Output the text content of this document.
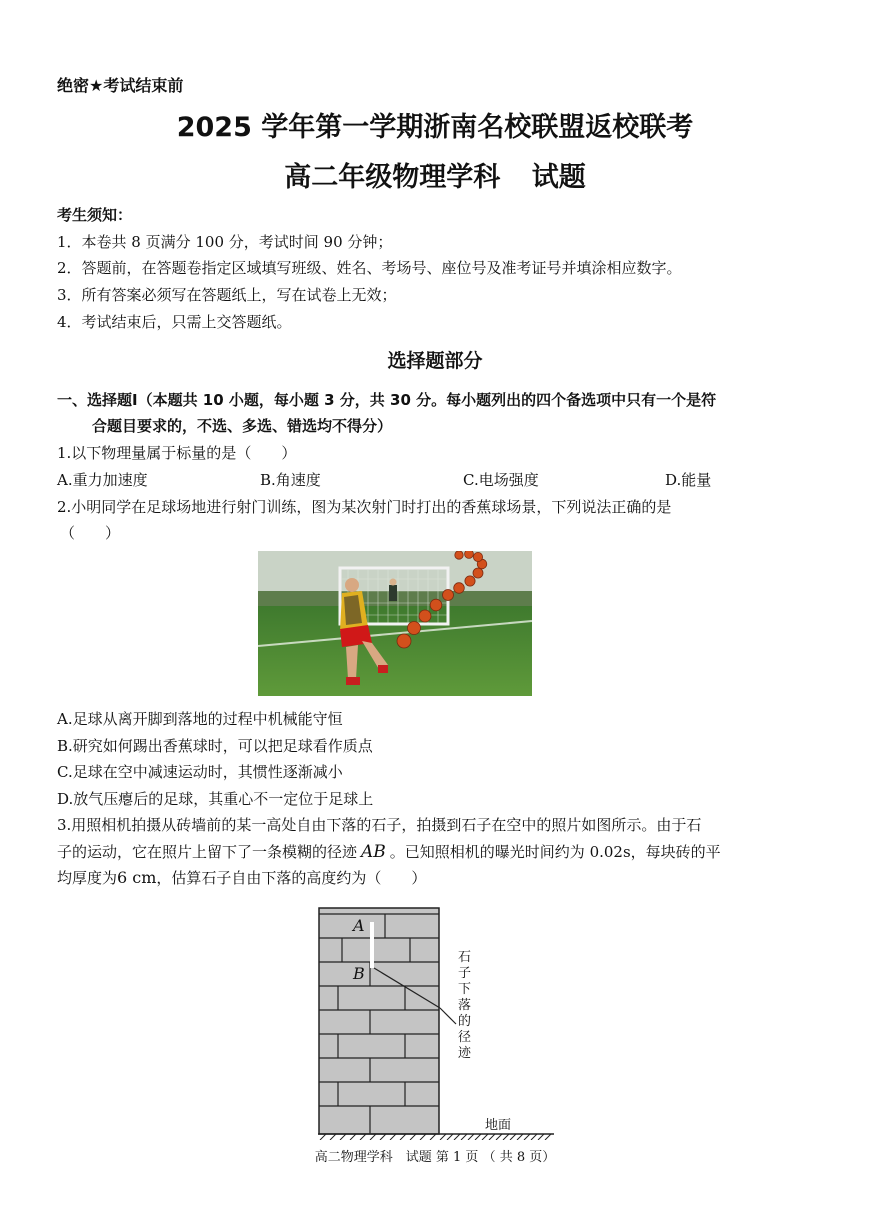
绝密★考试结束前
2025 学年第一学期浙南名校联盟返校联考
高二年级物理学科 试题
考生须知：
1．本卷共 8 页满分 100 分，考试时间 90 分钟；
2．答题前，在答题卷指定区域填写班级、姓名、考场号、座位号及准考证号并填涂相应数字。
3．所有答案必须写在答题纸上，写在试卷上无效；
4．考试结束后，只需上交答题纸。
选择题部分
一、选择题Ⅰ（本题共 10 小题，每小题 3 分，共 30 分。每小题列出的四个备选项中只有一个是符
合题目要求的，不选、多选、错选均不得分）
1.以下物理量属于标量的是（　　）
A.重力加速度	B.角速度	C.电场强度	D.能量
2.小明同学在足球场地进行射门训练，图为某次射门时打出的香蕉球场景，下列说法正确的是
（　　）
A.足球从离开脚到落地的过程中机械能守恒
B.研究如何踢出香蕉球时，可以把足球看作质点
C.足球在空中减速运动时，其惯性逐渐减小
D.放气压瘪后的足球，其重心不一定位于足球上
3.用照相机拍摄从砖墙前的某一高处自由下落的石子，拍摄到石子在空中的照片如图所示。由于石
子的运动，它在照片上留下了一条模糊的径迹 AB 。已知照相机的曝光时间约为 0.02s，每块砖的平
均厚度为6 cm，估算石子自由下落的高度约为（　　）
A
B
石子下落的径迹
地面
高二物理学科　试题 第 1 页 （ 共 8 页）
